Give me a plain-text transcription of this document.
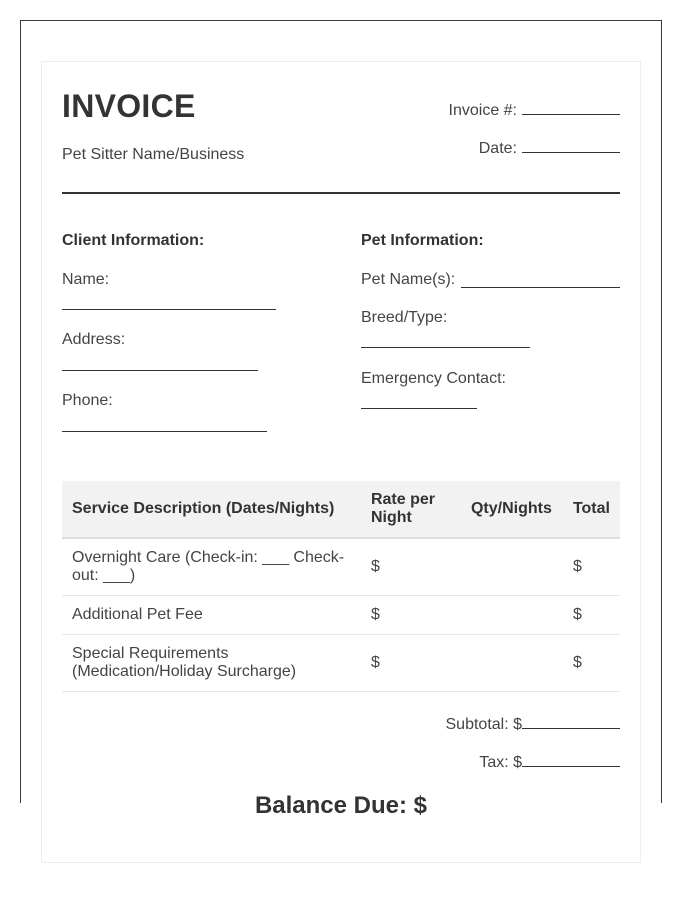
INVOICE
Pet Sitter Name/Business
Invoice #:
Date:
Client Information:
Name:
Address:
Phone:
Pet Information:
Pet Name(s):
Breed/Type:
Emergency Contact:
Service Description (Dates/Nights)	Rate per Night	Qty/Nights	Total
Overnight Care (Check-in: ___ Check-out: ___)	$		$
Additional Pet Fee	$		$
Special Requirements (Medication/Holiday Surcharge)	$		$
Subtotal: $
Tax: $
Balance Due: $
